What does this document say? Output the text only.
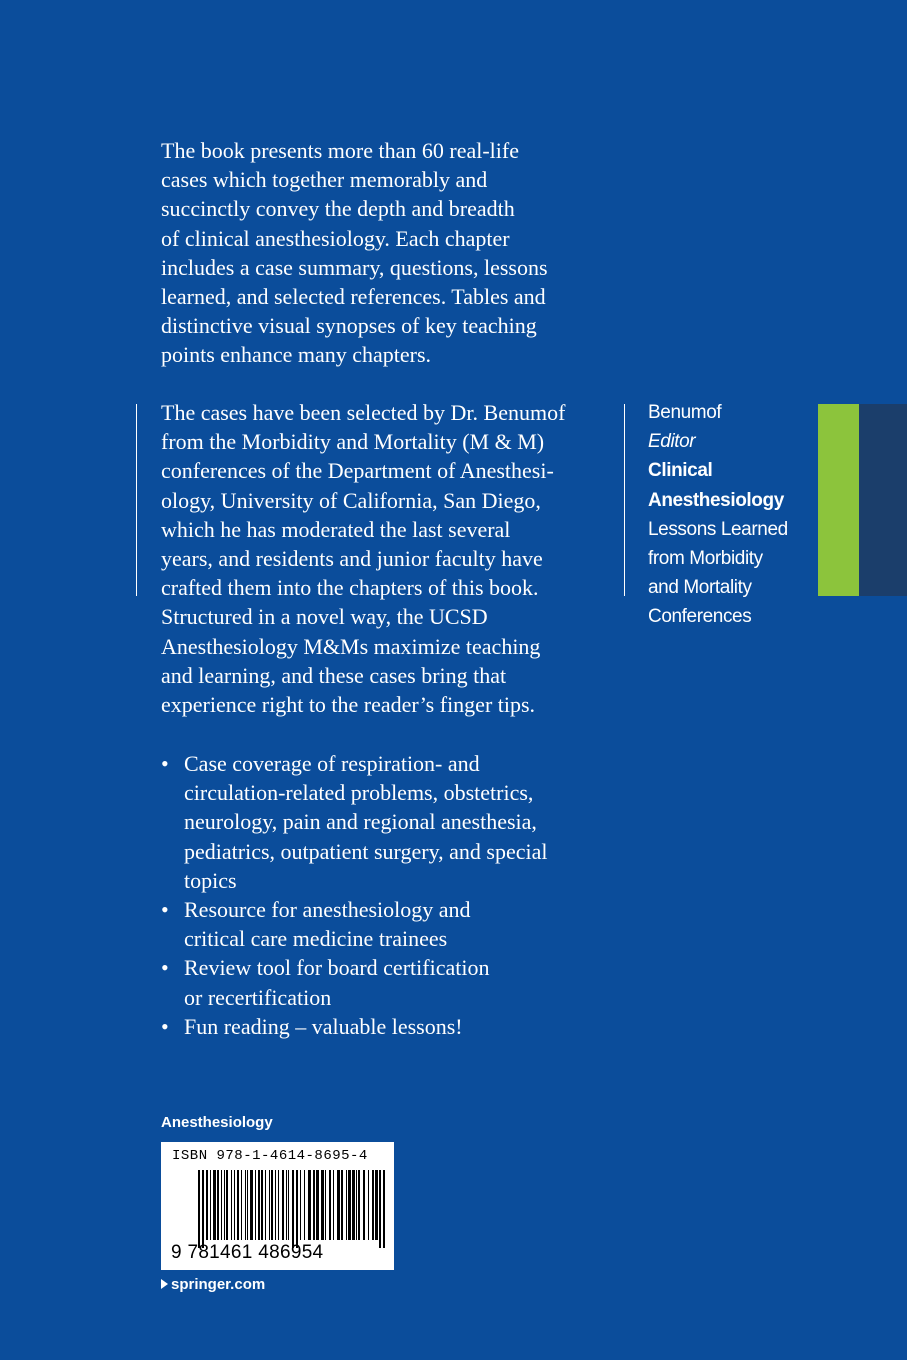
The book presents more than 60 real-life
cases which together memorably and
succinctly convey the depth and breadth
of clinical anesthesiology. Each chapter
includes a case summary, questions, lessons
learned, and selected references. Tables and
distinctive visual synopses of key teaching
points enhance many chapters.
The cases have been selected by Dr. Benumof
from the Morbidity and Mortality (M & M)
conferences of the Department of Anesthesi-
ology, University of California, San Diego,
which he has moderated the last several
years, and residents and junior faculty have
crafted them into the chapters of this book.
Structured in a novel way, the UCSD
Anesthesiology M&Ms maximize teaching
and learning, and these cases bring that
experience right to the reader’s finger tips.
• Case coverage of respiration- and
circulation-related problems, obstetrics,
neurology, pain and regional anesthesia,
pediatrics, outpatient surgery, and special
topics
• Resource for anesthesiology and
critical care medicine trainees
• Review tool for board certification
or recertification
• Fun reading – valuable lessons!
Benumof
Editor
Clinical
Anesthesiology
Lessons Learned
from Morbidity
and Mortality
Conferences
Anesthesiology
ISBN 978-1-4614-8695-4
9 781461 486954
springer.com
